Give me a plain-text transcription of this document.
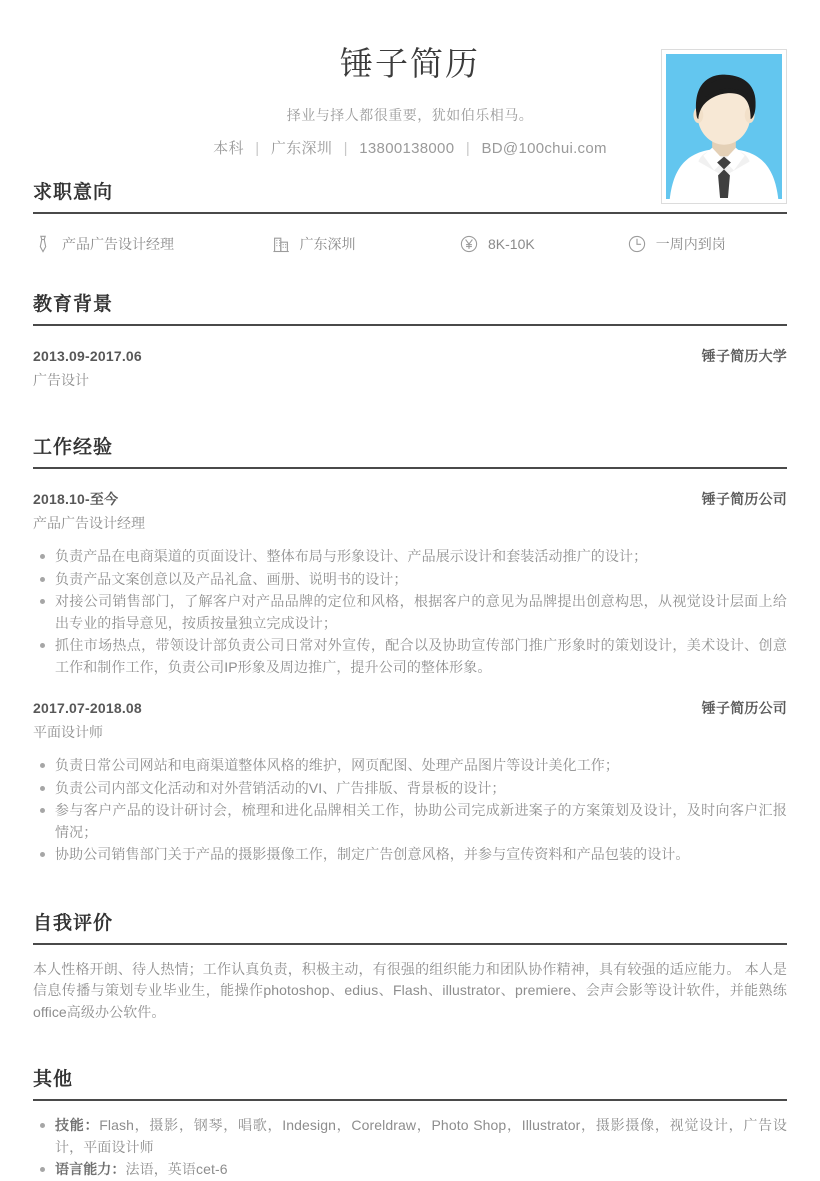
锤子简历
择业与择人都很重要，犹如伯乐相马。
本科 | 广东深圳 | 13800138000 | BD@100chui.com
求职意向
产品广告设计经理	广东深圳	8K-10K	一周内到岗
教育背景
2013.09-2017.06	锤子简历大学
广告设计
工作经验
2018.10-至今	锤子简历公司
产品广告设计经理
负责产品在电商渠道的页面设计、整体布局与形象设计、产品展示设计和套装活动推广的设计；
负责产品文案创意以及产品礼盒、画册、说明书的设计；
对接公司销售部门，了解客户对产品品牌的定位和风格，根据客户的意见为品牌提出创意构思，从视觉设计层面上给出专业的指导意见，按质按量独立完成设计；
抓住市场热点，带领设计部负责公司日常对外宣传，配合以及协助宣传部门推广形象时的策划设计，美术设计、创意工作和制作工作，负责公司IP形象及周边推广，提升公司的整体形象。
2017.07-2018.08	锤子简历公司
平面设计师
负责日常公司网站和电商渠道整体风格的维护，网页配图、处理产品图片等设计美化工作；
负责公司内部文化活动和对外营销活动的VI、广告排版、背景板的设计；
参与客户产品的设计研讨会，梳理和进化品牌相关工作，协助公司完成新进案子的方案策划及设计，及时向客户汇报情况；
协助公司销售部门关于产品的摄影摄像工作，制定广告创意风格，并参与宣传资料和产品包装的设计。
自我评价
本人性格开朗、待人热情；工作认真负责，积极主动，有很强的组织能力和团队协作精神，具有较强的适应能力。 本人是信息传播与策划专业毕业生，能操作photoshop、edius、Flash、illustrator、premiere、会声会影等设计软件，并能熟练office高级办公软件。
其他
技能：Flash，摄影，钢琴，唱歌，Indesign，Coreldraw，Photo Shop，Illustrator，摄影摄像，视觉设计，广告设计，平面设计师
语言能力：法语，英语cet-6
